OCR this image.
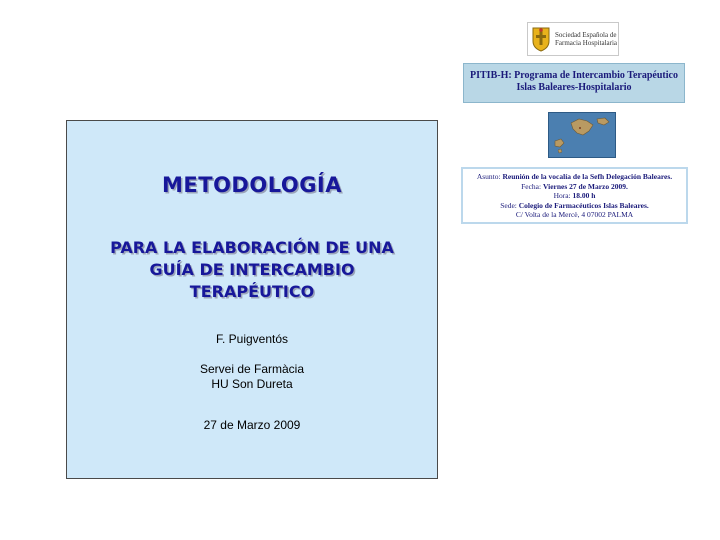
METODOLOGÍA
PARA LA ELABORACIÓN DE UNA
GUÍA DE INTERCAMBIO
TERAPÉUTICO
F. Puigventós
Servei de Farmàcia
HU Son Dureta
27 de Marzo 2009
Sociedad Española de
Farmacia Hospitalaria
PITIB-H: Programa de Intercambio Terapéutico
Islas Baleares-Hospitalario
Asunto: Reunión de la vocalía de la Sefh Delegación Baleares.
Fecha: Viernes 27 de Marzo 2009.
Hora: 18.00 h
Sede: Colegio de Farmacéuticos Islas Baleares.
C/ Volta de la Mercè, 4 07002 PALMA
